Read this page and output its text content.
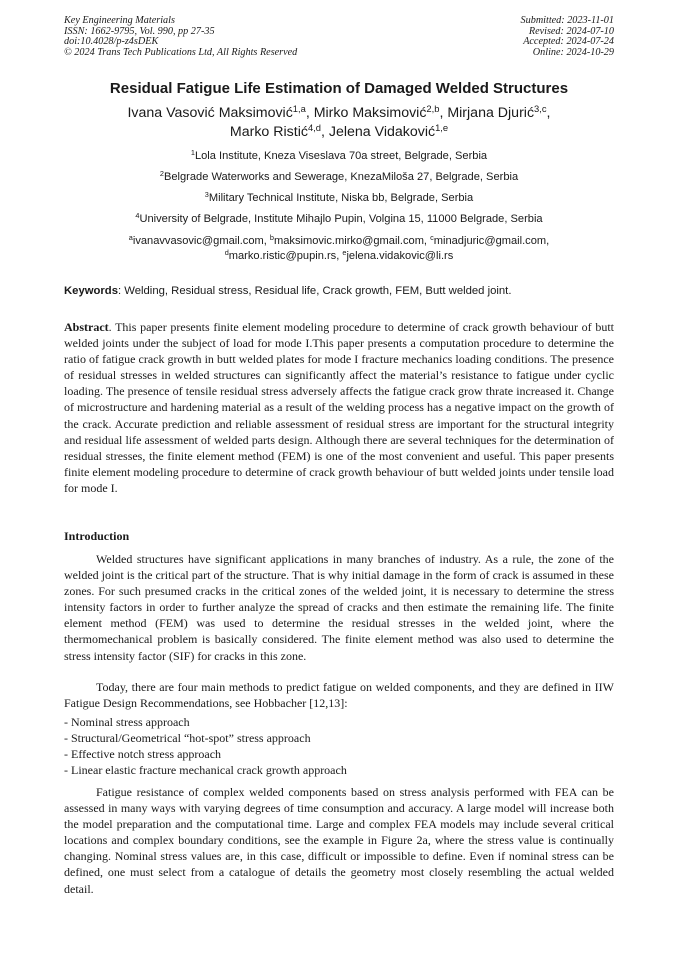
Key Engineering Materials
ISSN: 1662-9795, Vol. 990, pp 27-35
doi:10.4028/p-z4sDEK
© 2024 Trans Tech Publications Ltd, All Rights Reserved
Submitted: 2023-11-01
Revised: 2024-07-10
Accepted: 2024-07-24
Online: 2024-10-29
Residual Fatigue Life Estimation of Damaged Welded Structures
Ivana Vasović Maksimović$^{1,a}$, Mirko Maksimović$^{2,b}$, Mirjana Djurić$^{3,c}$,
Marko Ristić$^{4,d}$, Jelena Vidaković$^{1,e}$
$^1$Lola Institute, Kneza Viseslava 70a street, Belgrade, Serbia
$^2$Belgrade Waterworks and Sewerage, KnezaMiloša 27, Belgrade, Serbia
$^3$Military Technical Institute, Niska bb, Belgrade, Serbia
$^4$University of Belgrade, Institute Mihajlo Pupin, Volgina 15, 11000 Belgrade, Serbia
$^a$ivanavvasovic@gmail.com, $^b$maksimovic.mirko@gmail.com, $^c$minadjuric@gmail.com,
$^d$marko.ristic@pupin.rs, $^e$jelena.vidakovic@li.rs
Keywords: Welding, Residual stress, Residual life, Crack growth, FEM, Butt welded joint.
Abstract. This paper presents finite element modeling procedure to determine of crack growth behaviour of butt welded joints under the subject of load for mode I.This paper presents a computation procedure to determine the ratio of fatigue crack growth in butt welded plates for mode I fracture mechanics loading conditions. The presence of residual stresses in welded structures can significantly affect the material’s resistance to fatigue under cyclic loading. The presence of tensile residual stress adversely affects the fatigue crack grow thrate increased it. Change of microstructure and hardening material as a result of the welding process has a negative impact on the growth of the crack. Accurate prediction and reliable assessment of residual stress are important for the structural integrity and residual life assessment of welded parts design. Although there are several techniques for the determination of residual stresses, the finite element method (FEM) is one of the most convenient and useful. This paper presents finite element modeling procedure to determine of crack growth behaviour of butt welded joints under tensile load for mode I.
Introduction

Welded structures have significant applications in many branches of industry. As a rule, the zone of the welded joint is the critical part of the structure. That is why initial damage in the form of crack is assumed in these zones. For such presumed cracks in the critical zones of the welded joint, it is necessary to determine the stress intensity factors in order to further analyze the spread of cracks and then estimate the remaining life. The finite element method (FEM) was used to determine the residual stresses in the welded joint, where the thermomechanical problem is basically considered. The finite element method was also used to determine the stress intensity factor (SIF) for cracks in this zone.

Today, there are four main methods to predict fatigue on welded components, and they are defined in IIW Fatigue Design Recommendations, see Hobbacher [12,13]:

- Nominal stress approach
- Structural/Geometrical “hot-spot” stress approach
- Effective notch stress approach
- Linear elastic fracture mechanical crack growth approach

Fatigue resistance of complex welded components based on stress analysis performed with FEA can be assessed in many ways with varying degrees of time consumption and accuracy. A large model will increase both the model preparation and the computational time. Large and complex FEA models may include several critical locations and complex boundary conditions, see the example in Figure 2a, where the stress value is continually changing. Nominal stress values are, in this case, difficult or impossible to define. Even if nominal stress can be defined, one must select from a catalogue of details the geometry most closely resembling the actual welded detail.
